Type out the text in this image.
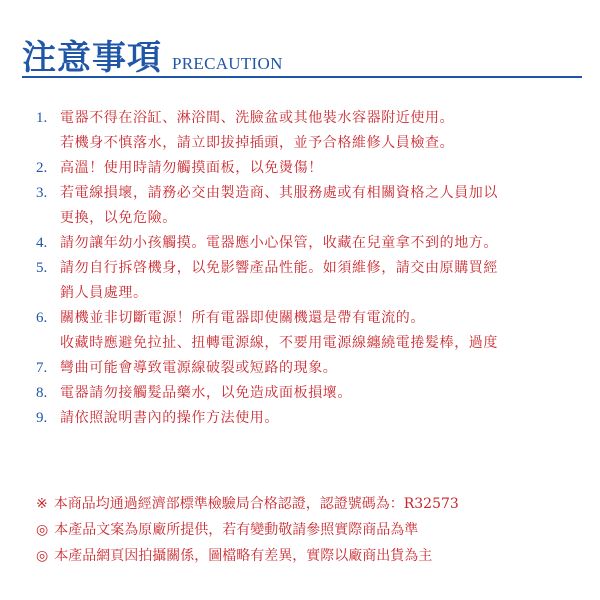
注意事項 PRECAUTION
1. 電器不得在浴缸、淋浴間、洗臉盆或其他裝水容器附近使用。
若機身不慎落水，請立即拔掉插頭，並予合格維修人員檢查。
2. 高溫！使用時請勿觸摸面板，以免燙傷！
3. 若電線損壞，請務必交由製造商、其服務處或有相關資格之人員加以
更換，以免危險。
4. 請勿讓年幼小孩觸摸。電器應小心保管，收藏在兒童拿不到的地方。
5. 請勿自行拆啓機身，以免影響產品性能。如須維修，請交由原購買經
銷人員處理。
6. 關機並非切斷電源！所有電器即使關機還是帶有電流的。
收藏時應避免拉扯、扭轉電源線，不要用電源線纏繞電捲髮棒，過度
7. 彎曲可能會導致電源線破裂或短路的現象。
8. 電器請勿接觸髮品藥水，以免造成面板損壞。
9. 請依照說明書內的操作方法使用。
※ 本商品均通過經濟部標準檢驗局合格認證，認證號碼為：R32573
◎ 本產品文案為原廠所提供，若有變動敬請參照實際商品為準
◎ 本產品網頁因拍攝關係，圖檔略有差異，實際以廠商出貨為主
